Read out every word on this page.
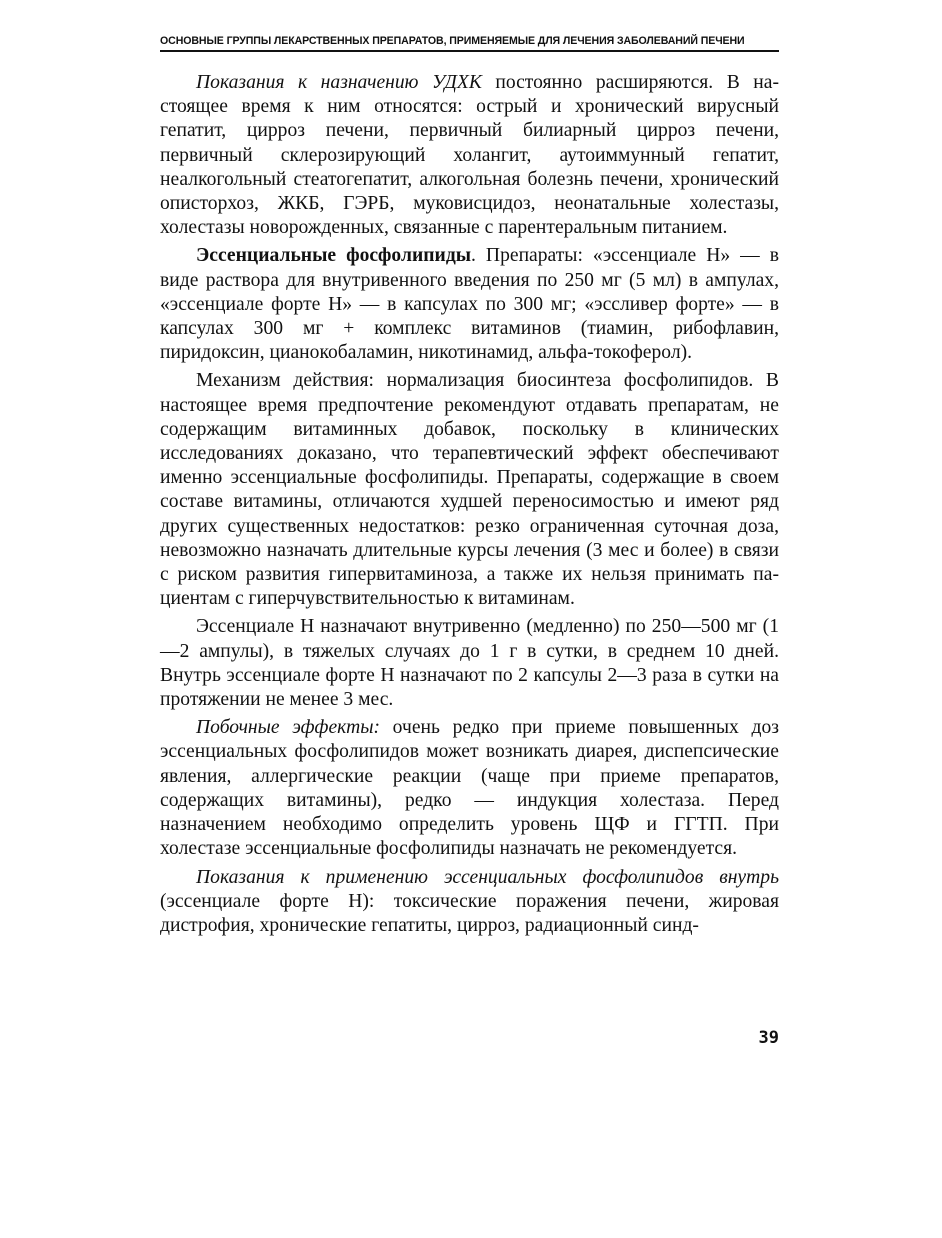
ОСНОВНЫЕ ГРУППЫ ЛЕКАРСТВЕННЫХ ПРЕПАРАТОВ, ПРИМЕНЯЕМЫЕ ДЛЯ ЛЕЧЕНИЯ ЗАБОЛЕВАНИЙ ПЕЧЕНИ

Показания к назначению УДХК постоянно расширяются. В настоящее время к ним относятся: острый и хронический вирусный гепатит, цирроз печени, первичный билиарный цирроз печени, первичный склерозирующий холангит, аутоиммунный гепатит, неалкогольный стеатогепатит, алкогольная болезнь печени, хронический описторхоз, ЖКБ, ГЭРБ, муковисцидоз, неонатальные холестазы, холестазы новорожденных, связанные с парентеральным питанием.

Эссенциальные фосфолипиды. Препараты: «эссенциале Н» — в виде раствора для внутривенного введения по 250 мг (5 мл) в ампулах, «эссенциале форте Н» — в капсулах по 300 мг; «эссливер форте» — в капсулах 300 мг + комплекс витаминов (тиамин, рибофлавин, пиридоксин, цианокобаламин, никотинамид, альфа-токоферол).

Механизм действия: нормализация биосинтеза фосфолипидов. В настоящее время предпочтение рекомендуют отдавать препаратам, не содержащим витаминных добавок, поскольку в клинических исследованиях доказано, что терапевтический эффект обеспечивают именно эссенциальные фосфолипиды. Препараты, содержащие в своем составе витамины, отличаются худшей переносимостью и имеют ряд других существенных недостатков: резко ограниченная суточная доза, невозможно назначать длительные курсы лечения (3 мес и более) в связи с риском развития гипервитаминоза, а также их нельзя принимать пациентам с гиперчувствительностью к витаминам.

Эссенциале Н назначают внутривенно (медленно) по 250—500 мг (1—2 ампулы), в тяжелых случаях до 1 г в сутки, в среднем 10 дней. Внутрь эссенциале форте Н назначают по 2 капсулы 2—3 раза в сутки на протяжении не менее 3 мес.

Побочные эффекты: очень редко при приеме повышенных доз эссенциальных фосфолипидов может возникать диарея, диспепсические явления, аллергические реакции (чаще при приеме препаратов, содержащих витамины), редко — индукция холестаза. Перед назначением необходимо определить уровень ЩФ и ГГТП. При холестазе эссенциальные фосфолипиды назначать не рекомендуется.

Показания к применению эссенциальных фосфолипидов внутрь (эссенциале форте Н): токсические поражения печени, жировая дистрофия, хронические гепатиты, цирроз, радиационный синд-

39
